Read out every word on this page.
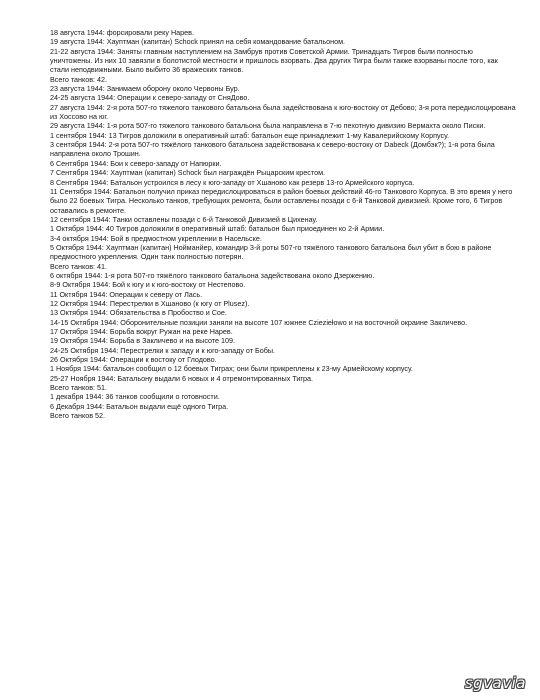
18 августа 1944: форсировали реку Нарев.
19 августа 1944: Хауптман (капитан) Schock принял на себя командование батальоном.
21-22 августа 1944: Заняты главным наступлением на Замбрув против Советской Армии. Тринадцать Тигров были полностью уничтожены. Из них 10 завязли в болотистой местности и пришлось взорвать. Два других Тигра были также взорваны после того, как стали неподвижными. Было выбито 36 вражеских танков.
Всего танков: 42.
23 августа 1944: Занимаем оборону около Червоны Бур.
24-25 августа 1944: Операции к северо-западу от СняДово.
27 августа 1944: 2-я рота 507-го тяжелого танкового батальона была задействована к юго-востоку от Дебово; 3-я рота передислоцирована из Хоссово на юг.
29 августа 1944: 1-я рота 507-го тяжелого танкового батальона была направлена в 7-ю пехотную дивизию Вермахта около Писки.
1 сентября 1944: 13 Тигров доложили в оперативный штаб: батальон еще принадлежит 1-му Кавалерийскому Корпусу.
3 сентября 1944: 2-я рота 507-го тяжёлого танкового батальона задействована к северо-востоку от Dabeck (Домбэк?); 1-я рота была направлена около Трошин.
6 Сентября 1944: Бои к северо-западу от Напюрки.
7 Сентября 1944: Хауптман (капитан) Schock был награждён Рыцарским крестом.
8 Сентября 1944: Батальон устроился в лесу к юго-западу от Хшаново как резерв 13-го Армейского корпуса.
11 Сентября 1944: Батальон получил приказ передислоцироваться в район боевых действий 46-го Танкового Корпуса. В это время у него было 22 боевых Тигра. Несколько танков, требующих ремонта, были оставлены позади с 6-й Танковой дивизией. Кроме того, 6 Тигров оставались в ремонте.
12 сентября 1944: Танки оставлены позади с 6-й Танковой Дивизией в Цихенау.
1 Октября 1944: 40 Тигров доложили в оперативный штаб: батальон был приоединен ко 2-й Армии.
3-4 октября 1944: Бой в предмостном укреплении в Насельске.
5 Октября 1944: Хауптман (капитан) Нойманйер, командир 3-й роты 507-го тяжёлого танкового батальона был убит в бою в районе предмостного укрепления. Один танк полностью потерян.
Всего танков: 41.
6 октября 1944: 1-я рота 507-го тяжёлого танкового батальона задействована около Дзержению.
8-9 Октября 1944: Бой к югу и к юго-востоку от Нестепово.
11 Октября 1944: Операции к северу от Лась.
12 Октября 1944: Перестрелки в Хшаново (к югу от Plusez).
13 Октября 1944: Обязательства в Пробоство и Сое.
14-15 Октября 1944: Оборонительные позиции заняли на высоте 107 южнее Czieziełowo и на восточной окраине Закличево.
17 Октября 1944: Борьба вокруг Ружан на реке Нарев.
19 Октября 1944: Борьба в Закличево и на высоте 109.
24-25 Октября 1944: Перестрелки к западу и к юго-западу от Бобы.
26 Октября 1944: Операции к востоку от Глодово.
1 Ноября 1944: батальон сообщил о 12 боевых Тиграх; они были прикреплены к 23-му Армейскому корпусу.
25-27 Ноября 1944: Батальону выдали 6 новых и 4 отремонтированных Тигра.
Всего танков: 51.
1 декабря 1944: 36 танков сообщили о готовности.
6 Декабря 1944: Батальон выдали ещё одного Тигра.
Всего танков 52.
sgvavia
